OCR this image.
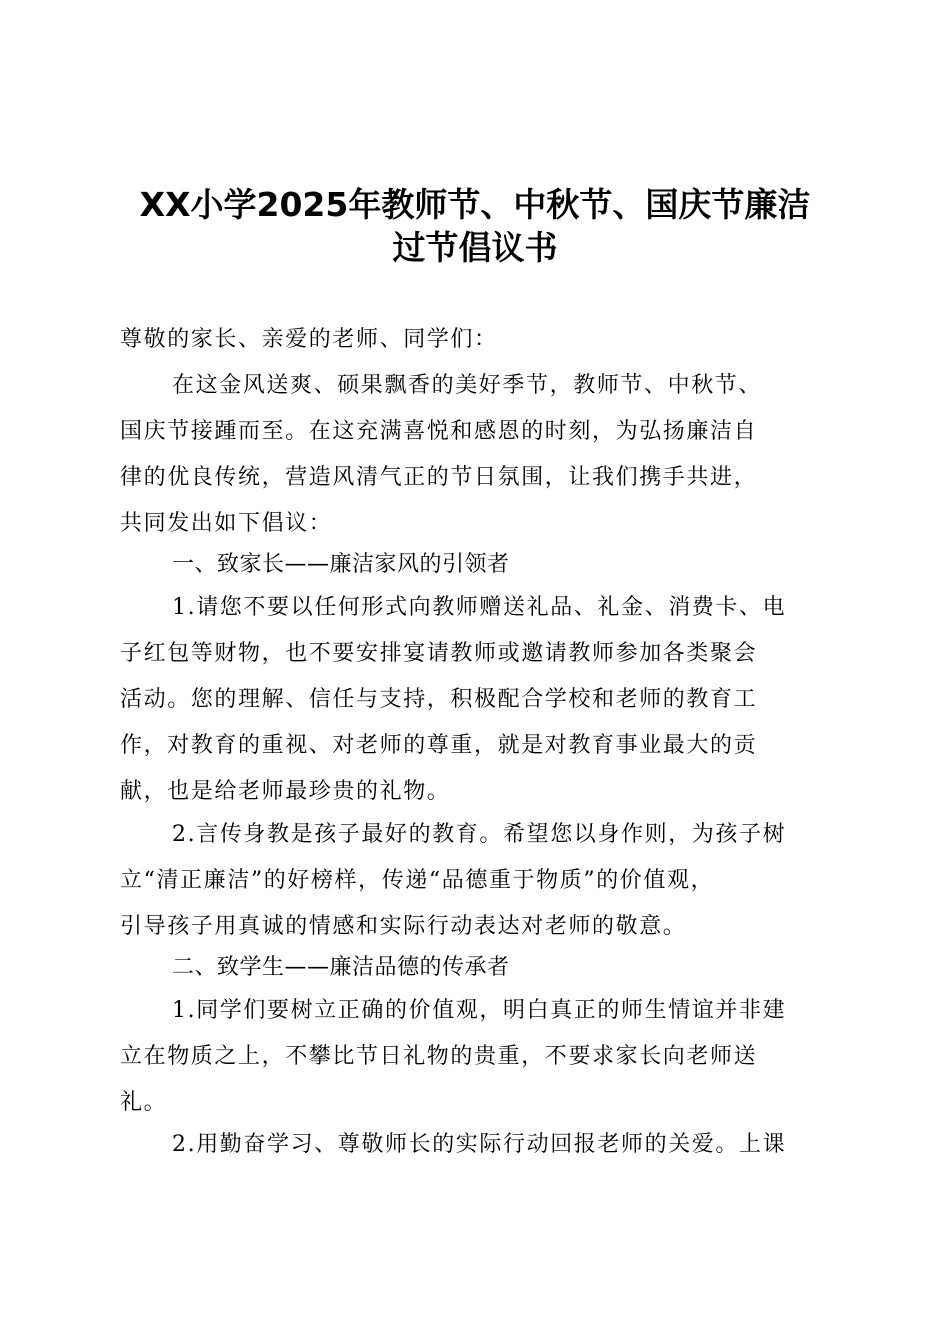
XX小学2025年教师节、中秋节、国庆节廉洁
过节倡议书
尊敬的家长、亲爱的老师、同学们：
在这金风送爽、硕果飘香的美好季节，教师节、中秋节、
国庆节接踵而至。在这充满喜悦和感恩的时刻，为弘扬廉洁自
律的优良传统，营造风清气正的节日氛围，让我们携手共进，
共同发出如下倡议：
一、致家长——廉洁家风的引领者
1.请您不要以任何形式向教师赠送礼品、礼金、消费卡、电
子红包等财物，也不要安排宴请教师或邀请教师参加各类聚会
活动。您的理解、信任与支持，积极配合学校和老师的教育工
作，对教育的重视、对老师的尊重，就是对教育事业最大的贡
献，也是给老师最珍贵的礼物。
2.言传身教是孩子最好的教育。希望您以身作则，为孩子树
立“清正廉洁”的好榜样，传递“品德重于物质”的价值观，
引导孩子用真诚的情感和实际行动表达对老师的敬意。
二、致学生——廉洁品德的传承者
1.同学们要树立正确的价值观，明白真正的师生情谊并非建
立在物质之上，不攀比节日礼物的贵重，不要求家长向老师送
礼。
2.用勤奋学习、尊敬师长的实际行动回报老师的关爱。上课
